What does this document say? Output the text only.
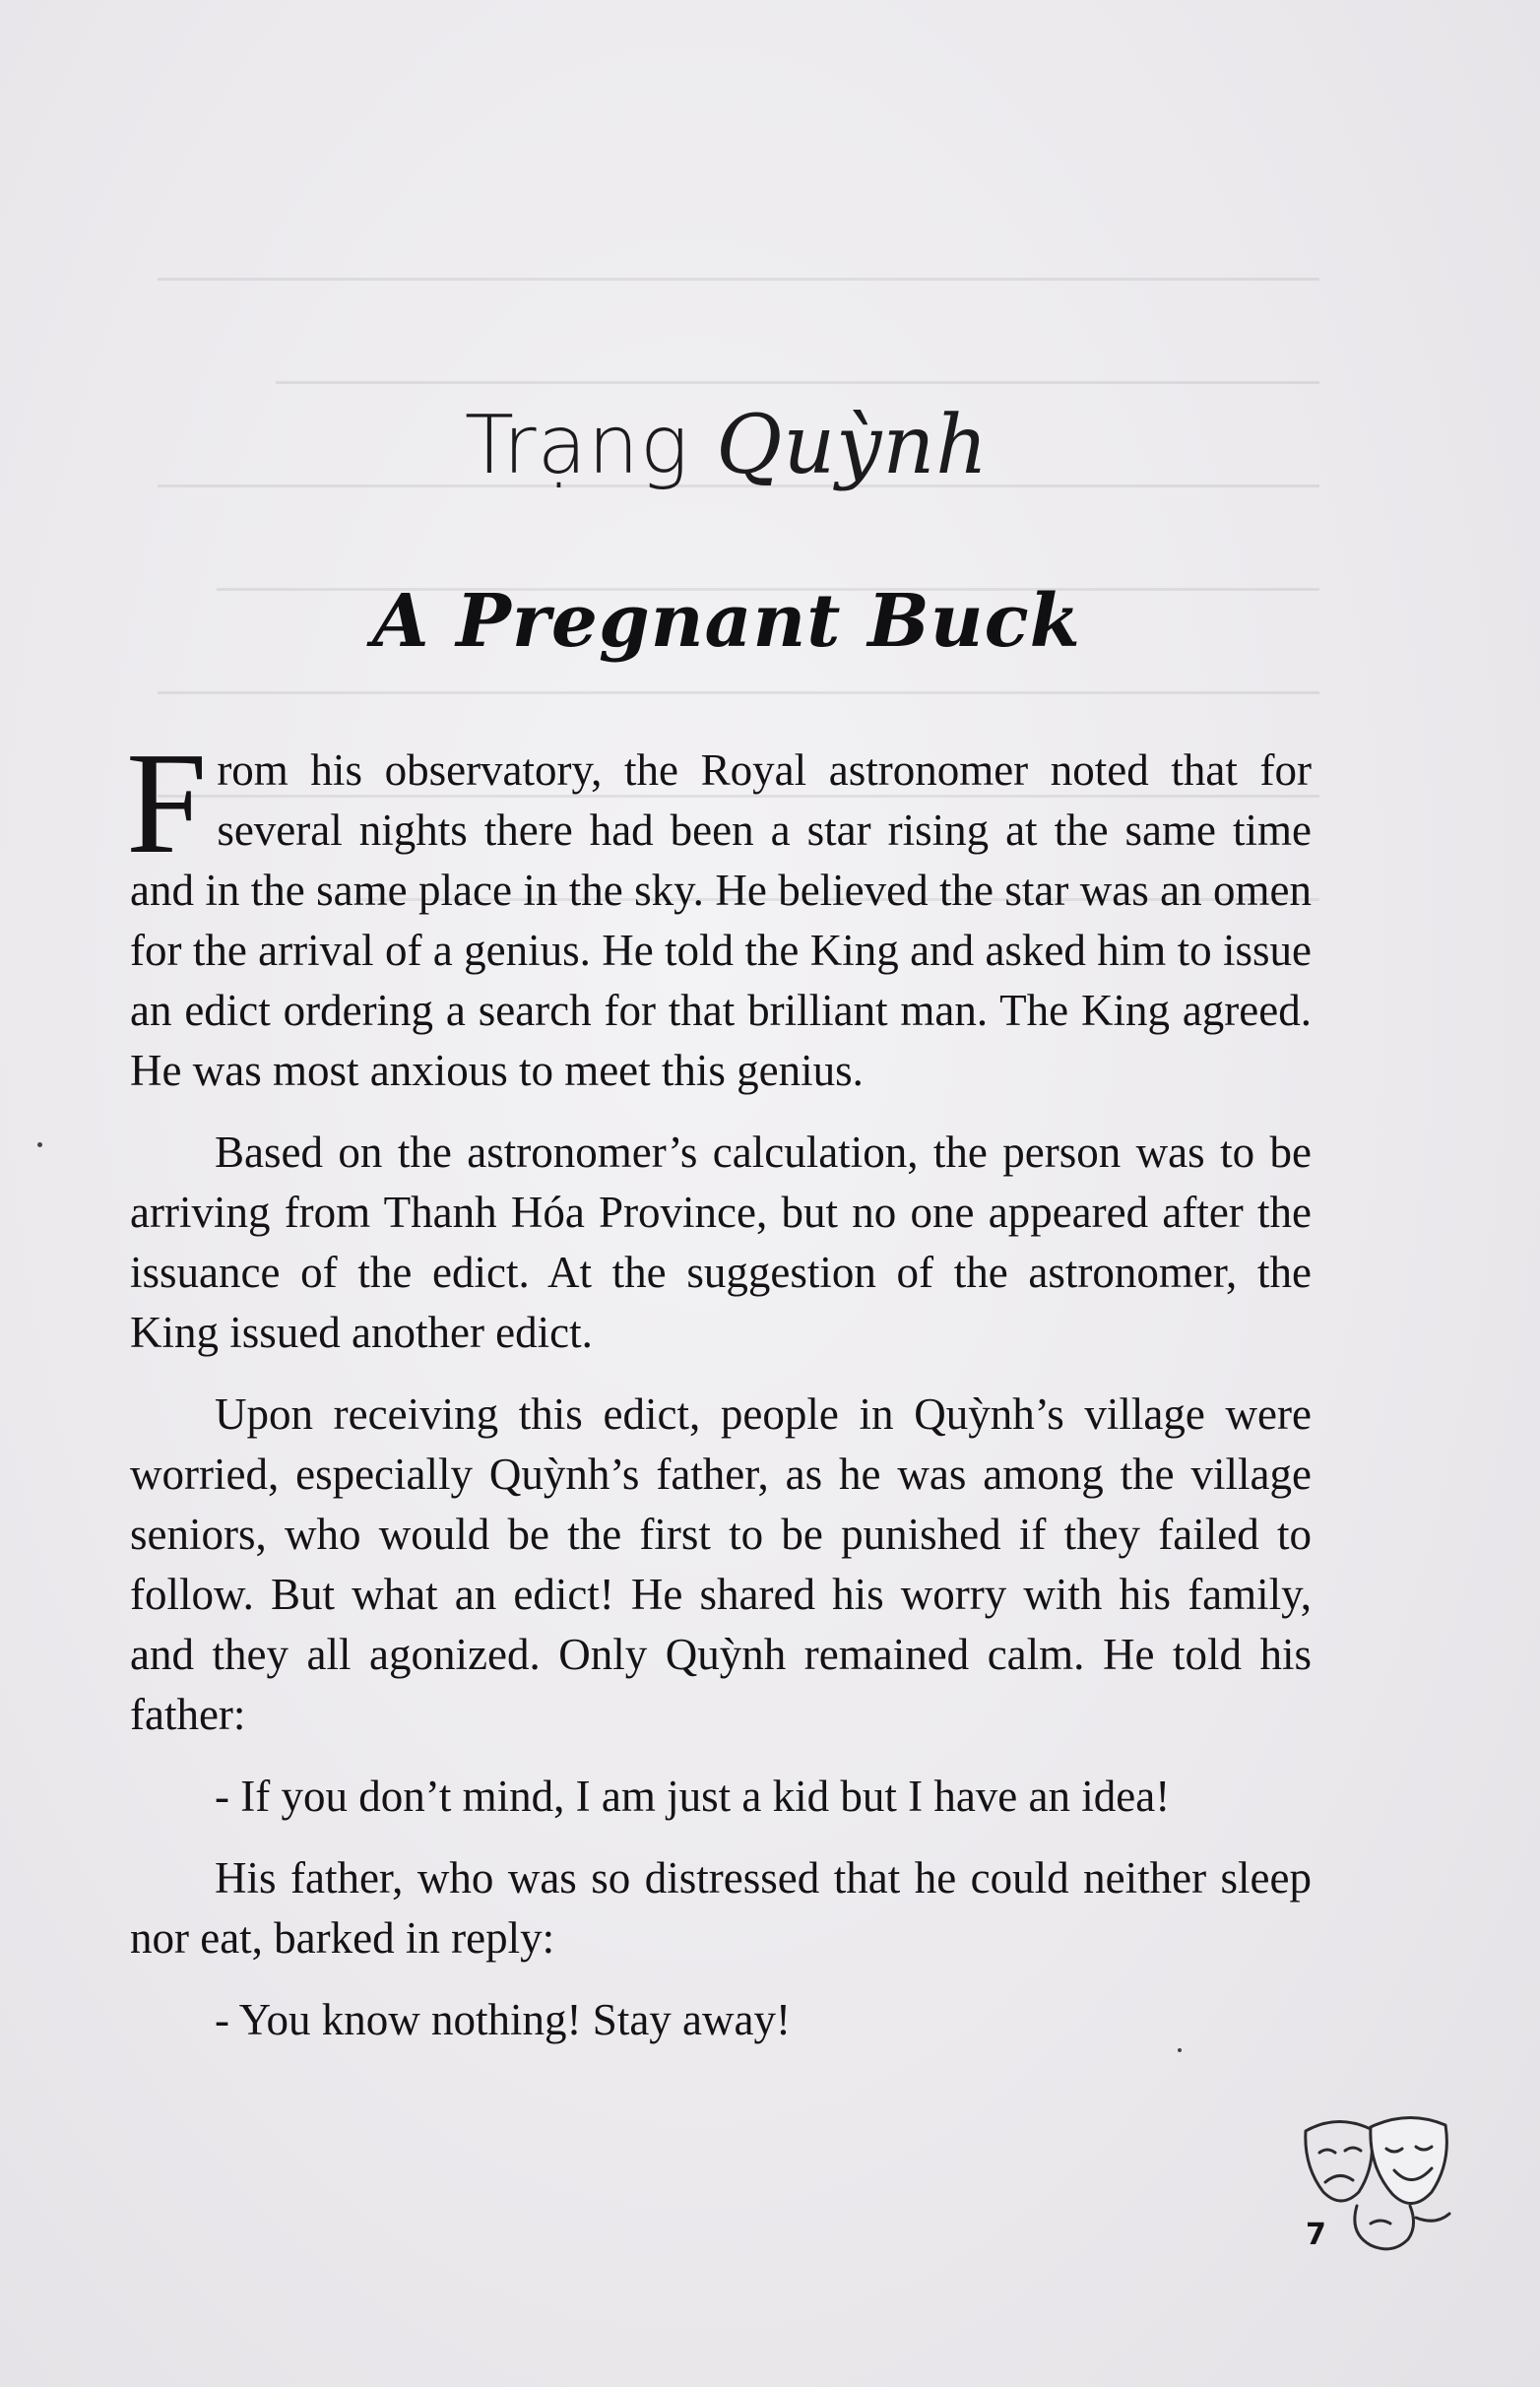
Trạng Quỳnh
A Pregnant Buck

From his observatory, the Royal astronomer noted that for several nights there had been a star rising at the same time and in the same place in the sky. He believed the star was an omen for the arrival of a genius. He told the King and asked him to issue an edict ordering a search for that brilliant man. The King agreed. He was most anxious to meet this genius.

Based on the astronomer’s calculation, the person was to be arriving from Thanh Hóa Province, but no one appeared after the issuance of the edict. At the suggestion of the astronomer, the King issued another edict.

Upon receiving this edict, people in Quỳnh’s village were worried, especially Quỳnh’s father, as he was among the village seniors, who would be the first to be punished if they failed to follow. But what an edict! He shared his worry with his family, and they all agonized. Only Quỳnh remained calm. He told his father:

- If you don’t mind, I am just a kid but I have an idea!

His father, who was so distressed that he could neither sleep nor eat, barked in reply:

- You know nothing! Stay away!

7
